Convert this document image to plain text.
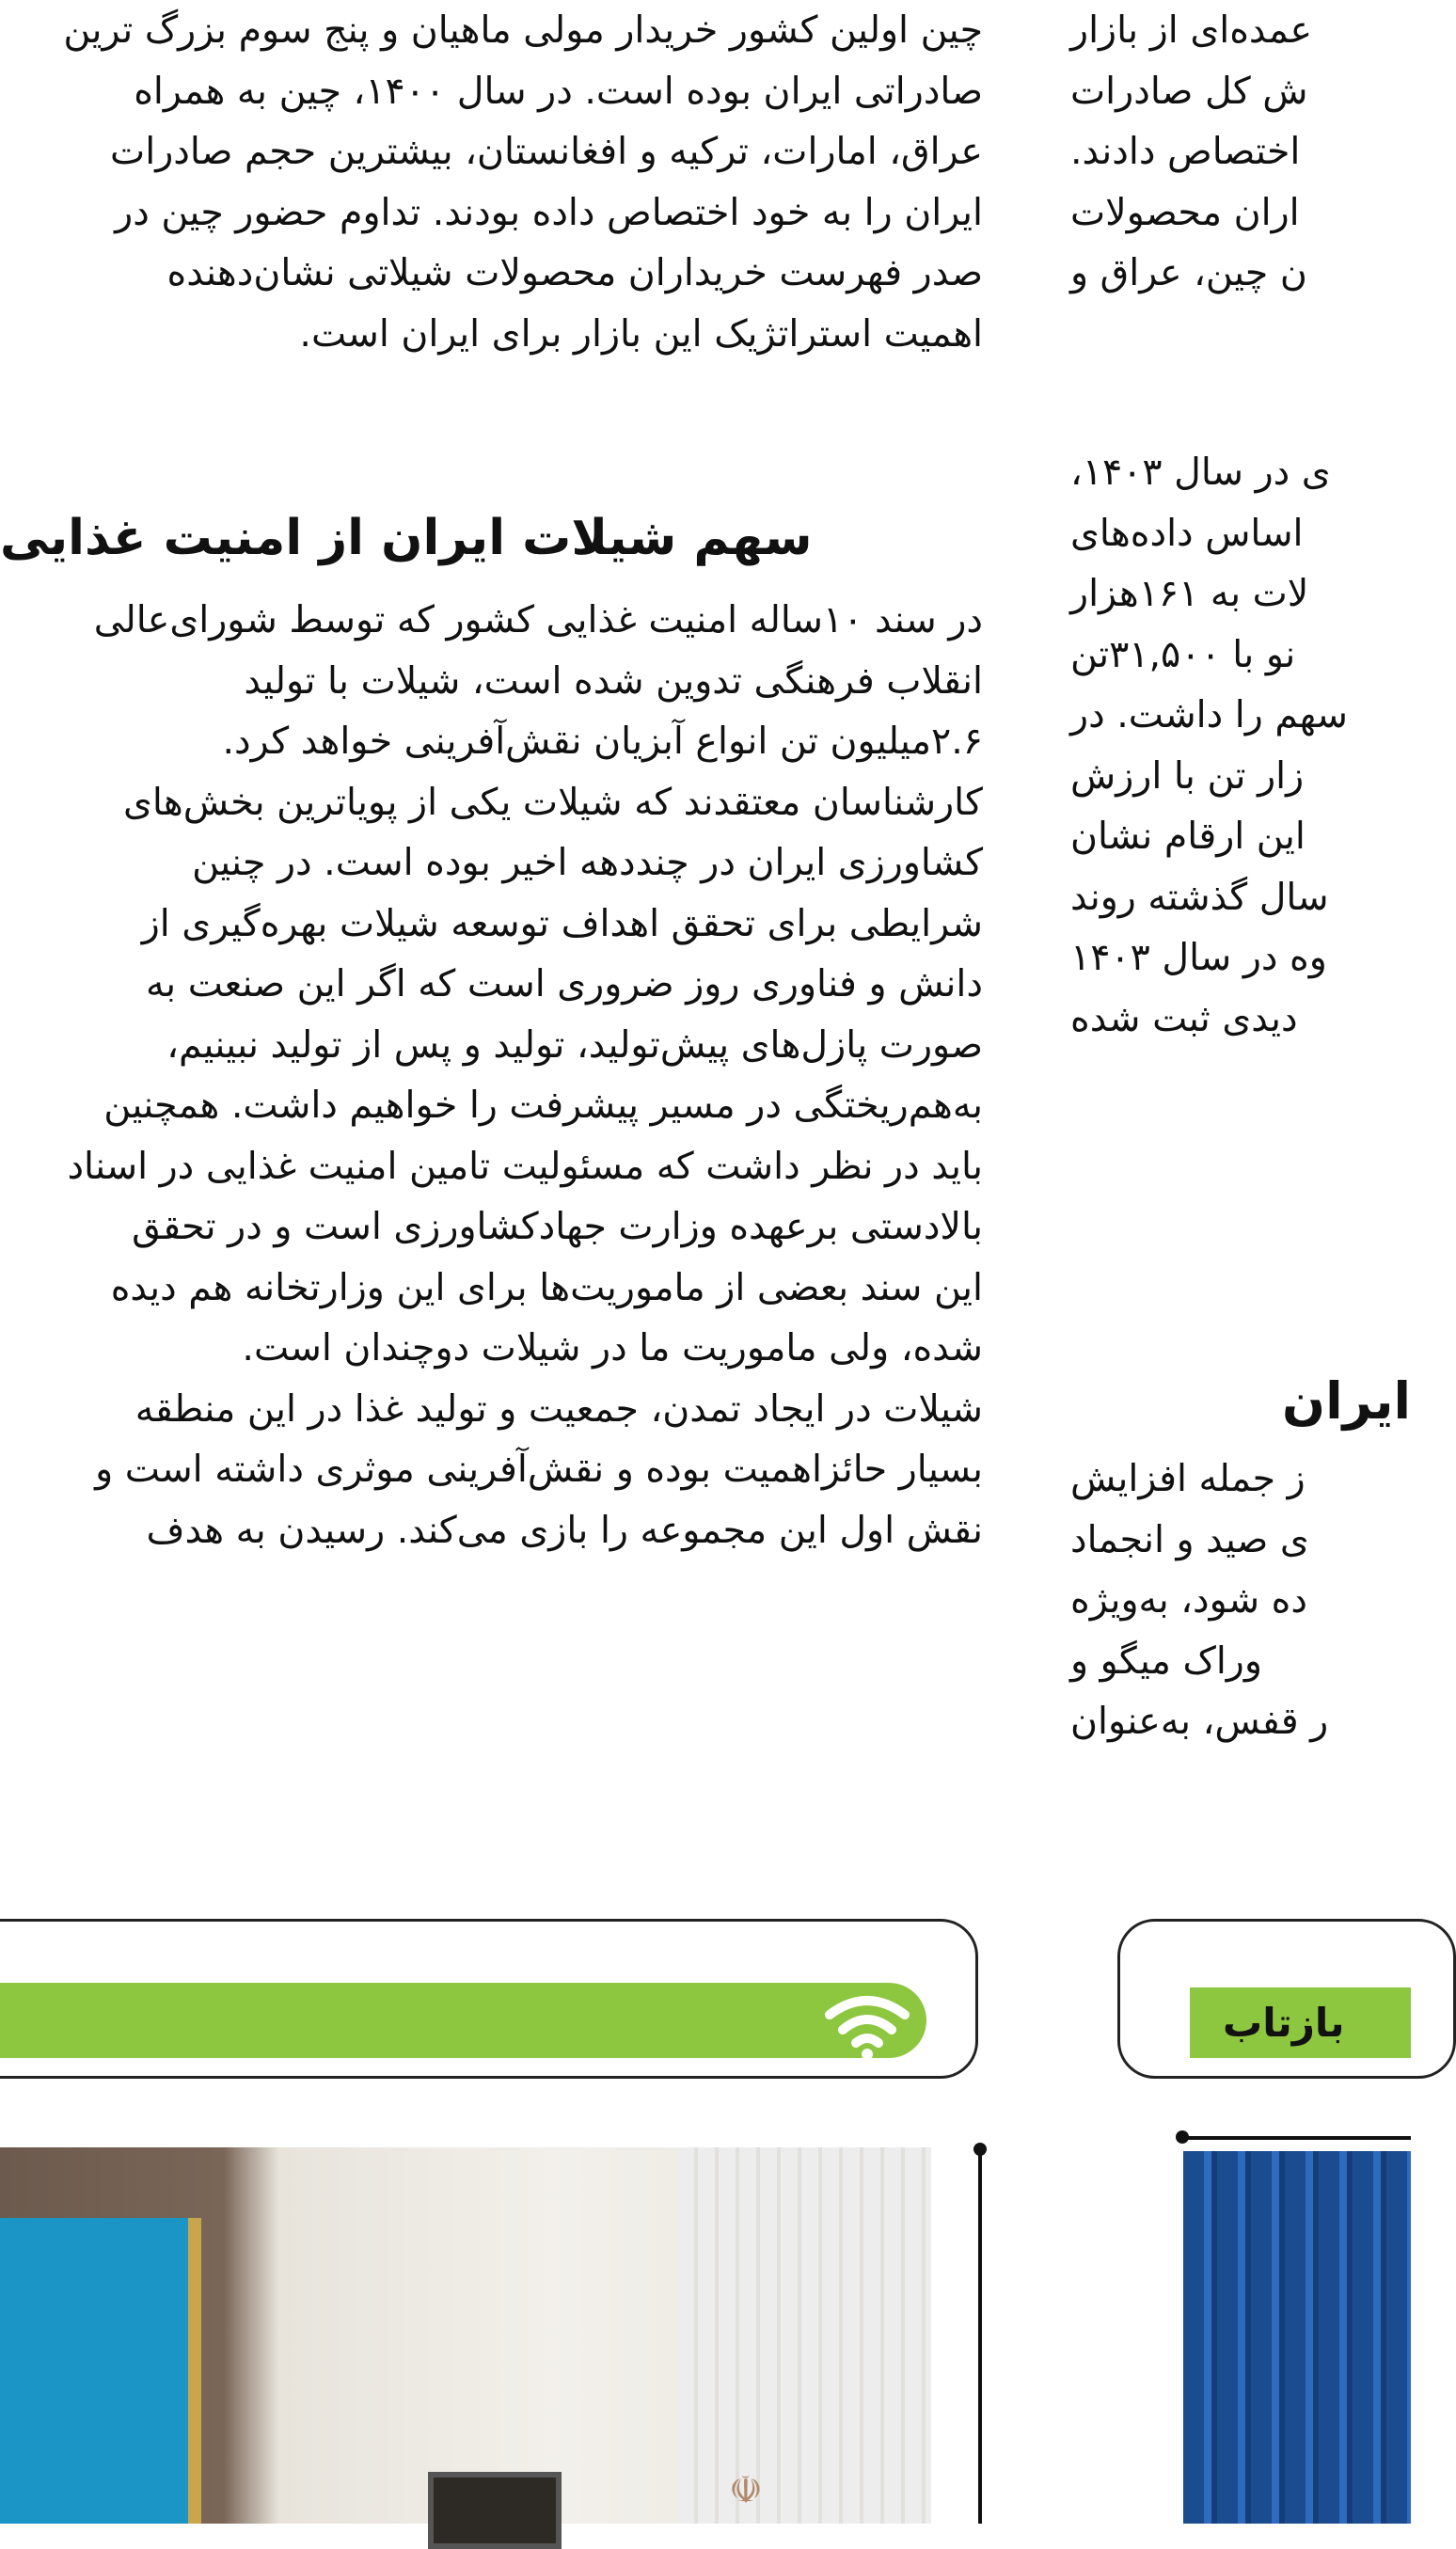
چین اولین کشور خریدار مولی ماهیان و پنج سوم بزرگ ترین

صادراتی ایران بوده است. در سال ۱۴۰۰، چین به همراه

عراق، امارات، ترکیه و افغانستان، بیشترین حجم صادرات

ایران را به خود اختصاص داده بودند. تداوم حضور چین در

صدر فهرست خریداران محصولات شیلاتی نشان‌دهنده

اهمیت استراتژیک این بازار برای ایران است.

سهم شیلات ایران از امنیت غذایی

در سند ۱۰ساله امنیت غذایی کشور که توسط شورای‌عالی

انقلاب فرهنگی تدوین شده است، شیلات با تولید

۲.۶میلیون تن انواع آبزیان نقش‌آفرینی خواهد کرد.

کارشناسان معتقدند که شیلات یکی از پویاترین بخش‌های

کشاورزی ایران در چنددهه اخیر بوده است. در چنین

شرایطی برای تحقق اهداف توسعه شیلات بهره‌گیری از

دانش و فناوری روز ضروری است که اگر این صنعت به

صورت پازل‌های پیش‌تولید، تولید و پس از تولید نبینیم،

به‌هم‌ریختگی در مسیر پیشرفت را خواهیم داشت. همچنین

باید در نظر داشت که مسئولیت تامین امنیت غذایی در اسناد

بالادستی برعهده وزارت جهادکشاورزی است و در تحقق

این سند بعضی از ماموریت‌ها برای این وزارتخانه هم دیده

شده، ولی ماموریت ما در شیلات دوچندان است.

شیلات در ایجاد تمدن، جمعیت و تولید غذا در این منطقه

بسیار حائزاهمیت بوده و نقش‌آفرینی موثری داشته است و

نقش اول این مجموعه را بازی می‌کند. رسیدن به هدف

عمده‌ای از بازار

ش کل صادرات

اختصاص دادند.

اران محصولات

ن چین، عراق و

ی در سال ۱۴۰۳،

اساس داده‌های

لات به ۱۶۱هزار

نو با ۳۱,۵۰۰تن

سهم را داشت. در

زار تن با ارزش

این ارقام نشان

سال گذشته روند

وه در سال ۱۴۰۳

دیدی ثبت شده

ایران

ز جمله افزایش

ی صید و انجماد

ده شود، به‌ویژه

وراک میگو و

ر قفس، به‌عنوان

بازتاب
☫
